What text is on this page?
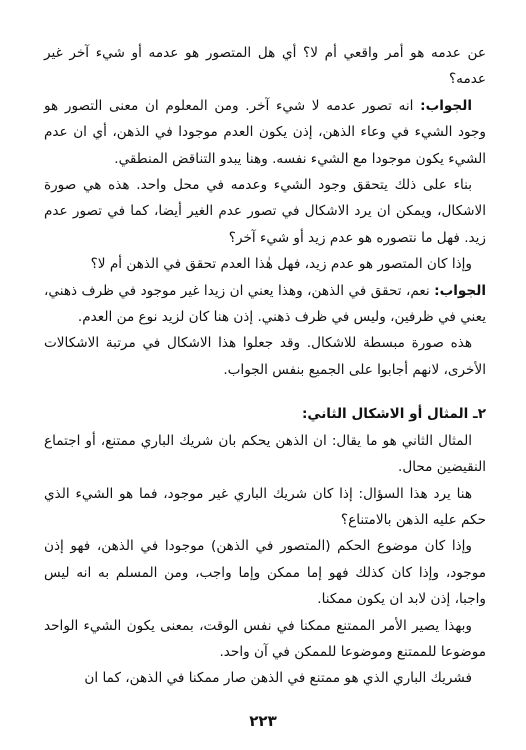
عن عدمه هو أمر واقعي أم لا؟ أي هل المتصور هو عدمه أو شيء آخر غير عدمه؟

الجواب: انه تصور عدمه لا شيء آخر. ومن المعلوم ان معنى التصور هو وجود الشيء في وعاء الذهن، إذن يكون العدم موجودا في الذهن، أي ان عدم الشيء يكون موجودا مع الشيء نفسه. وهنا يبدو التناقض المنطقي.

بناء على ذلك يتحقق وجود الشيء وعدمه في محل واحد. هذه هي صورة الاشكال، ويمكن ان يرد الاشكال في تصور عدم الغير أيضا، كما في تصور عدم زيد. فهل ما نتصوره هو عدم زيد أو شيء آخر؟

وإذا كان المتصور هو عدم زيد، فهل هٰذا العدم تحقق في الذهن أم لا؟

الجواب: نعم، تحقق في الذهن، وهذا يعني ان زيدا غير موجود في ظرف ذهني، يعني في ظرفين، وليس في ظرف ذهني. إذن هنا كان لزيد نوع من العدم.

هذه صورة مبسطة للاشكال. وقد جعلوا هذا الاشكال في مرتبة الاشكالات الأخرى، لانهم أجابوا على الجميع بنفس الجواب.

٢ـ المثال أو الاشكال الثاني:

المثال الثاني هو ما يقال: ان الذهن يحكم بان شريك الباري ممتنع، أو اجتماع النقيضين محال.

هنا يرد هذا السؤال: إذا كان شريك الباري غير موجود، فما هو الشيء الذي حكم عليه الذهن بالامتناع؟

وإذا كان موضوع الحكم (المتصور في الذهن) موجودا في الذهن، فهو إذن موجود، وإذا كان كذلك فهو إما ممكن وإما واجب، ومن المسلم به انه ليس واجبا، إذن لابد ان يكون ممكنا.

وبهذا يصير الأمر الممتنع ممكنا في نفس الوقت، بمعنى يكون الشيء الواحد موضوعا للممتنع وموضوعا للممكن في آن واحد.

فشريك الباري الذي هو ممتنع في الذهن صار ممكنا في الذهن، كما ان

٢٢٣
